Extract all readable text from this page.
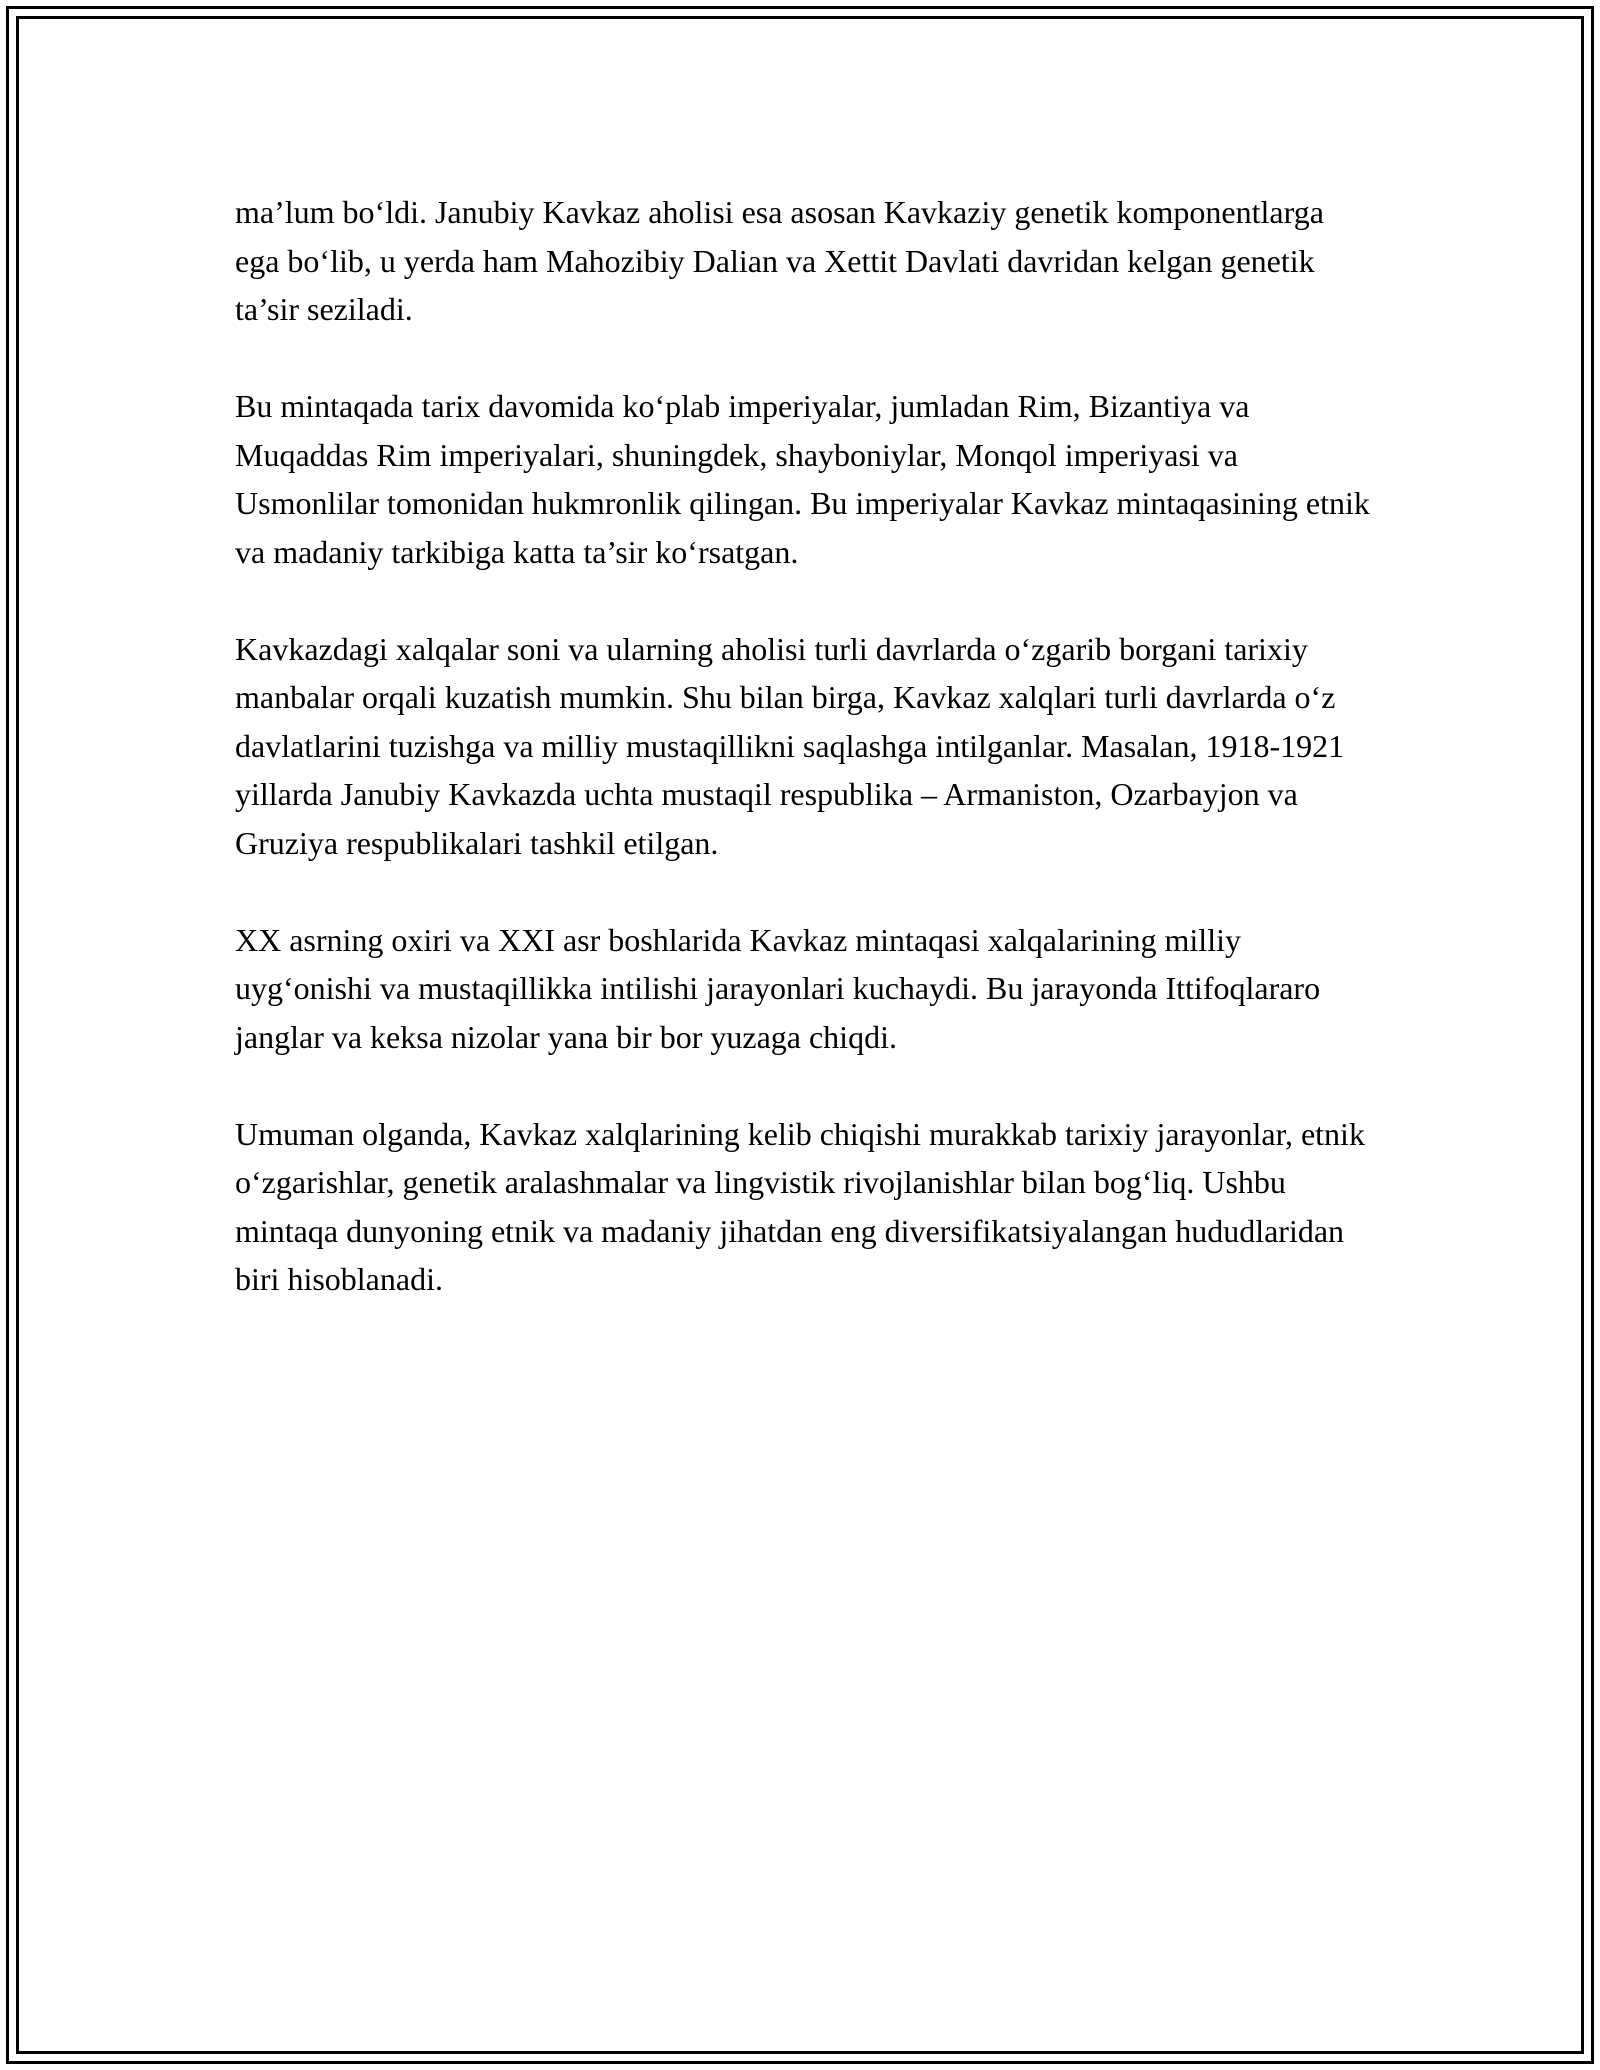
ma’lum bo‘ldi. Janubiy Kavkaz aholisi esa asosan Kavkaziy genetik komponentlarga ega bo‘lib, u yerda ham Mahozibiy Dalian va Xettit Davlati davridan kelgan genetik ta’sir seziladi.

Bu mintaqada tarix davomida ko‘plab imperiyalar, jumladan Rim, Bizantiya va Muqaddas Rim imperiyalari, shuningdek, shayboniylar, Monqol imperiyasi va Usmonlilar tomonidan hukmronlik qilingan. Bu imperiyalar Kavkaz mintaqasining etnik va madaniy tarkibiga katta ta’sir ko‘rsatgan.

Kavkazdagi xalqalar soni va ularning aholisi turli davrlarda o‘zgarib borgani tarixiy manbalar orqali kuzatish mumkin. Shu bilan birga, Kavkaz xalqlari turli davrlarda o‘z davlatlarini tuzishga va milliy mustaqillikni saqlashga intilganlar. Masalan, 1918-1921 yillarda Janubiy Kavkazda uchta mustaqil respublika – Armaniston, Ozarbayjon va Gruziya respublikalari tashkil etilgan.

XX asrning oxiri va XXI asr boshlarida Kavkaz mintaqasi xalqalarining milliy uyg‘onishi va mustaqillikka intilishi jarayonlari kuchaydi. Bu jarayonda Ittifoqlararo janglar va keksa nizolar yana bir bor yuzaga chiqdi.

Umuman olganda, Kavkaz xalqlarining kelib chiqishi murakkab tarixiy jarayonlar, etnik o‘zgarishlar, genetik aralashmalar va lingvistik rivojlanishlar bilan bog‘liq. Ushbu mintaqa dunyoning etnik va madaniy jihatdan eng diversifikatsiyalangan hududlaridan biri hisoblanadi.
